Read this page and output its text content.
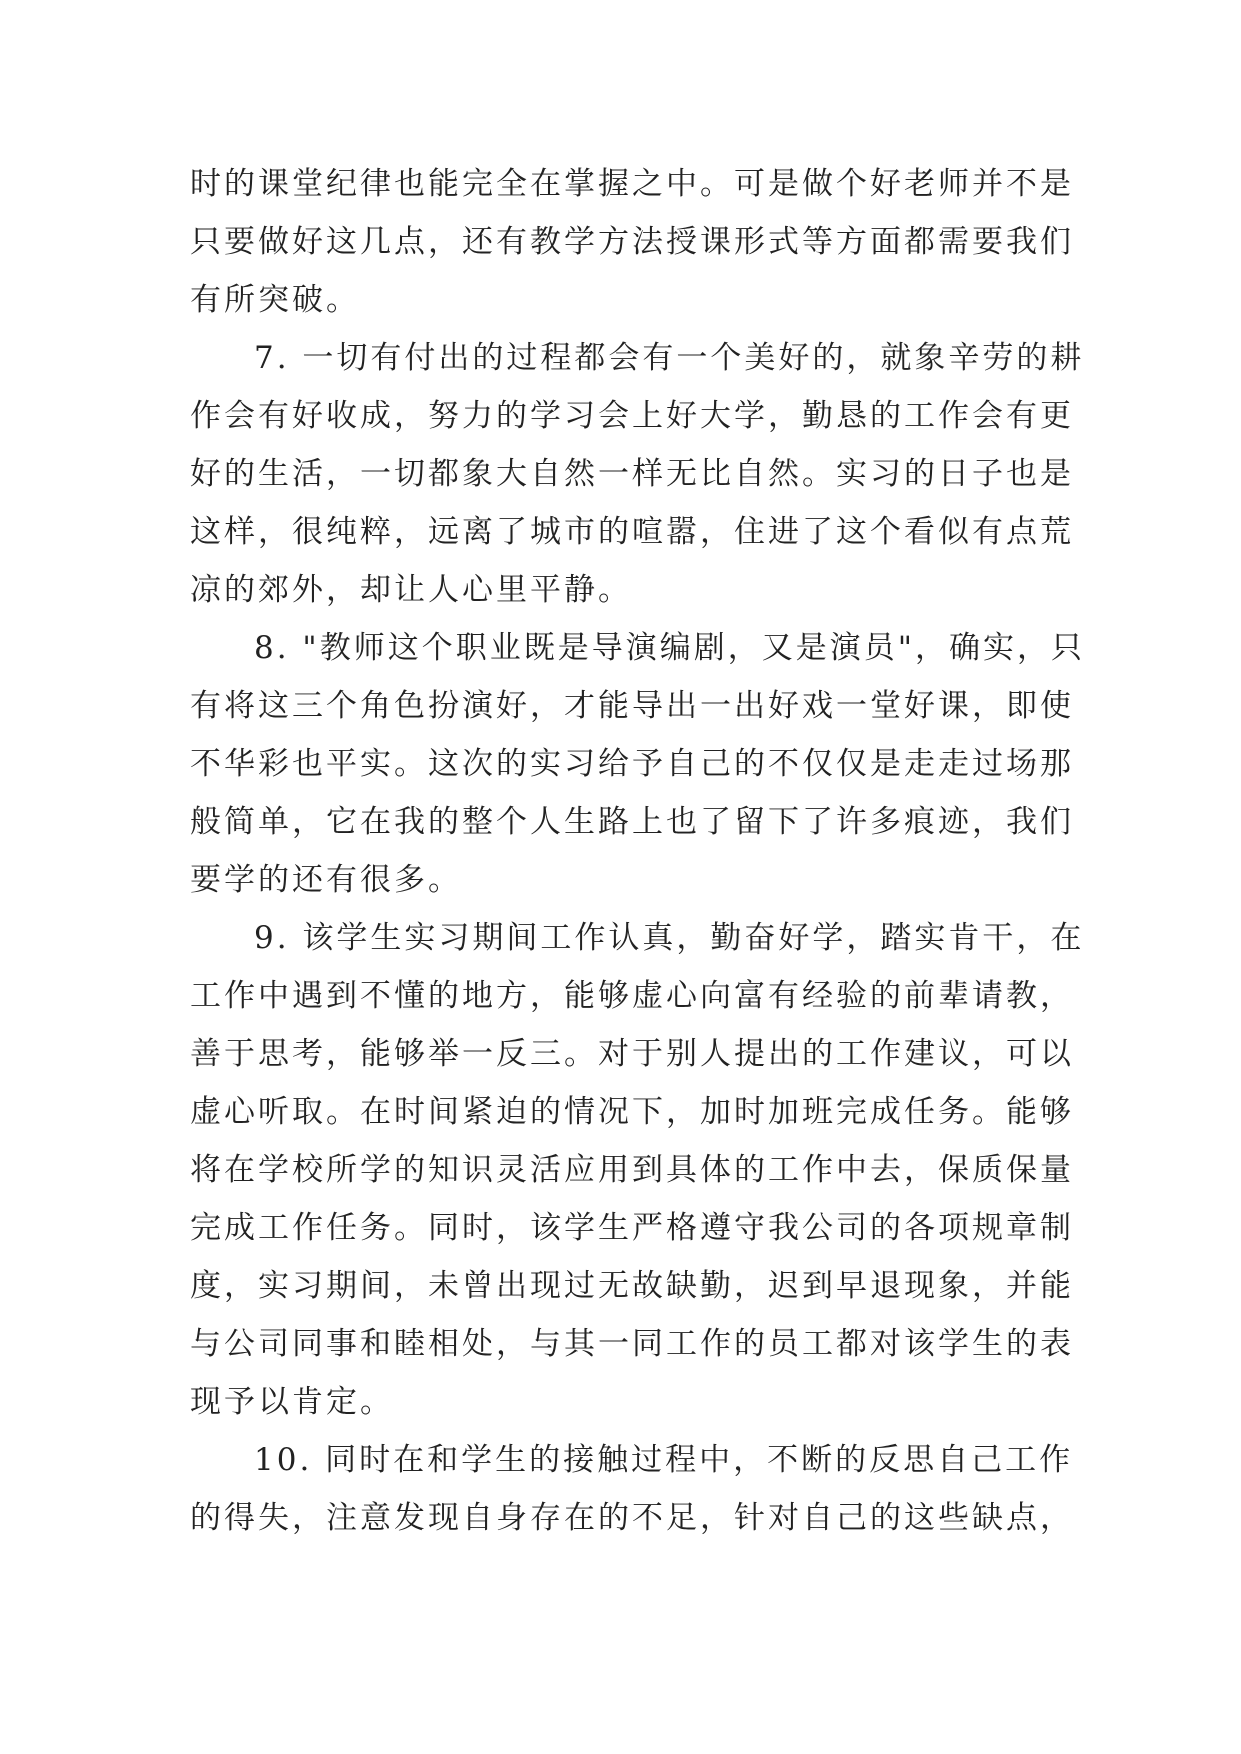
时的课堂纪律也能完全在掌握之中。可是做个好老师并不是
只要做好这几点，还有教学方法授课形式等方面都需要我们
有所突破。
7. 一切有付出的过程都会有一个美好的，就象辛劳的耕
作会有好收成，努力的学习会上好大学，勤恳的工作会有更
好的生活，一切都象大自然一样无比自然。实习的日子也是
这样，很纯粹，远离了城市的喧嚣，住进了这个看似有点荒
凉的郊外，却让人心里平静。
8. "教师这个职业既是导演编剧，又是演员"，确实，只
有将这三个角色扮演好，才能导出一出好戏一堂好课，即使
不华彩也平实。这次的实习给予自己的不仅仅是走走过场那
般简单，它在我的整个人生路上也了留下了许多痕迹，我们
要学的还有很多。
9. 该学生实习期间工作认真，勤奋好学，踏实肯干，在
工作中遇到不懂的地方，能够虚心向富有经验的前辈请教，
善于思考，能够举一反三。对于别人提出的工作建议，可以
虚心听取。在时间紧迫的情况下，加时加班完成任务。能够
将在学校所学的知识灵活应用到具体的工作中去，保质保量
完成工作任务。同时，该学生严格遵守我公司的各项规章制
度，实习期间，未曾出现过无故缺勤，迟到早退现象，并能
与公司同事和睦相处，与其一同工作的员工都对该学生的表
现予以肯定。
10. 同时在和学生的接触过程中，不断的反思自己工作
的得失，注意发现自身存在的不足，针对自己的这些缺点，
